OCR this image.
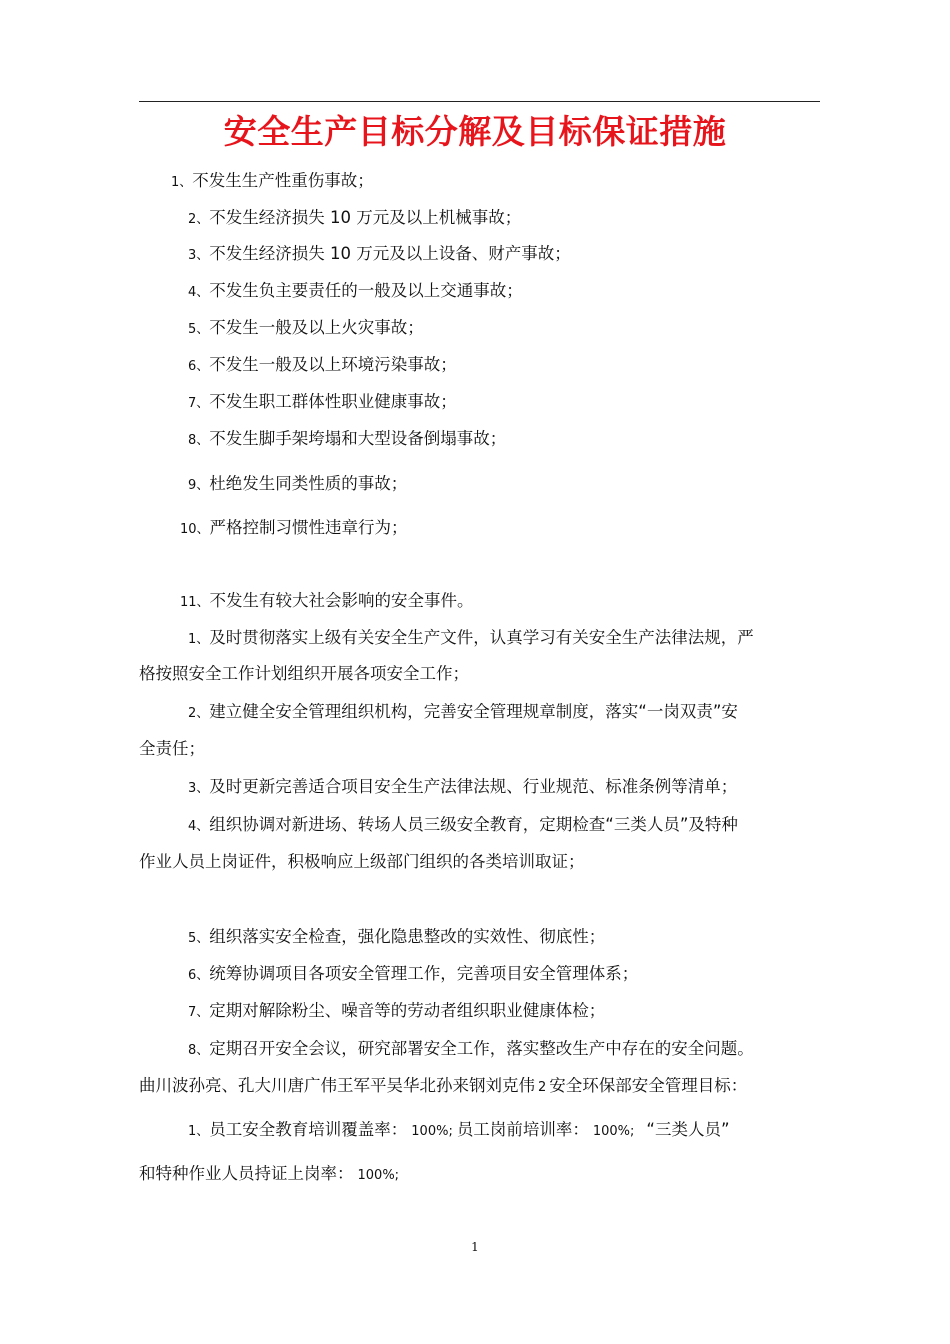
安全生产目标分解及目标保证措施
1、不发生生产性重伤事故；
2、不发生经济损失 10 万元及以上机械事故；
3、不发生经济损失 10 万元及以上设备、财产事故；
4、不发生负主要责任的一般及以上交通事故；
5、不发生一般及以上火灾事故；
6、不发生一般及以上环境污染事故；
7、不发生职工群体性职业健康事故；
8、不发生脚手架垮塌和大型设备倒塌事故；
9、杜绝发生同类性质的事故；
10、严格控制习惯性违章行为；
11、不发生有较大社会影响的安全事件。
1、及时贯彻落实上级有关安全生产文件，认真学习有关安全生产法律法规，严
格按照安全工作计划组织开展各项安全工作；
2、建立健全安全管理组织机构，完善安全管理规章制度，落实“一岗双责”安
全责任；
3、及时更新完善适合项目安全生产法律法规、行业规范、标准条例等清单；
4、组织协调对新进场、转场人员三级安全教育，定期检查“三类人员”及特种
作业人员上岗证件，积极响应上级部门组织的各类培训取证；
5、组织落实安全检查，强化隐患整改的实效性、彻底性；
6、统筹协调项目各项安全管理工作，完善项目安全管理体系；
7、定期对解除粉尘、噪音等的劳动者组织职业健康体检；
8、定期召开安全会议，研究部署安全工作，落实整改生产中存在的安全问题。
曲川波孙亮、孔大川唐广伟王军平吴华北孙来钢刘克伟 2 安全环保部安全管理目标：
1、员工安全教育培训覆盖率： 100%; 员工岗前培训率： 100%; “三类人员”
和特种作业人员持证上岗率： 100%;
1
